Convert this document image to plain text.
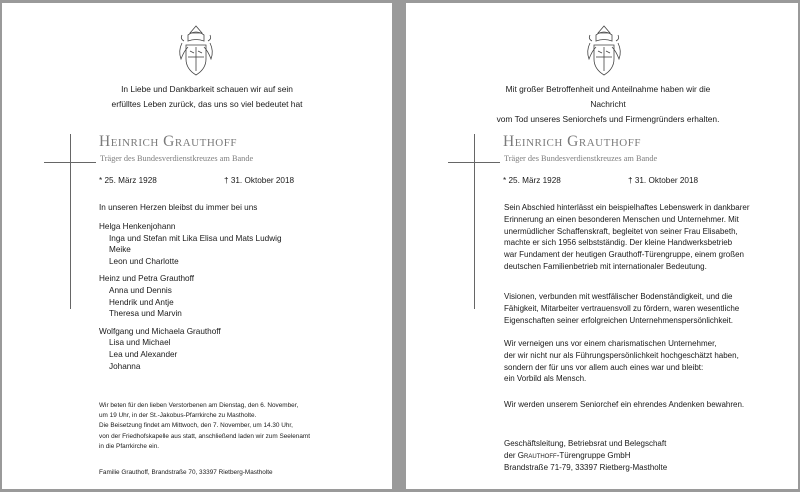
In Liebe und Dankbarkeit schauen wir auf sein
erfülltes Leben zurück, das uns so viel bedeutet hat
Heinrich Grauthoff
Träger des Bundesverdienstkreuzes am Bande
* 25. März 1928	† 31. Oktober 2018
In unseren Herzen bleibst du immer bei uns
Helga Henkenjohann
Inga und Stefan mit Lika Elisa und Mats Ludwig
Meike
Leon und Charlotte
Heinz und Petra Grauthoff
Anna und Dennis
Hendrik und Antje
Theresa und Marvin
Wolfgang und Michaela Grauthoff
Lisa und Michael
Lea und Alexander
Johanna
Wir beten für den lieben Verstorbenen am Dienstag, den 6. November,
um 19 Uhr, in der St.-Jakobus-Pfarrkirche zu Mastholte.
Die Beisetzung findet am Mittwoch, den 7. November, um 14.30 Uhr,
von der Friedhofskapelle aus statt, anschließend laden wir zum Seelenamt
in die Pfarrkirche ein.
Familie Grauthoff, Brandstraße 70, 33397 Rietberg-Mastholte
Mit großer Betroffenheit und Anteilnahme haben wir die Nachricht
vom Tod unseres Seniorchefs und Firmengründers erhalten.
Heinrich Grauthoff
Träger des Bundesverdienstkreuzes am Bande
* 25. März 1928	† 31. Oktober 2018
Sein Abschied hinterlässt ein beispielhaftes Lebenswerk in dankbarer
Erinnerung an einen besonderen Menschen und Unternehmer. Mit
unermüdlicher Schaffenskraft, begleitet von seiner Frau Elisabeth,
machte er sich 1956 selbstständig. Der kleine Handwerksbetrieb
war Fundament der heutigen Grauthoff-Türengruppe, einem großen
deutschen Familienbetrieb mit internationaler Bedeutung.
Visionen, verbunden mit westfälischer Bodenständigkeit, und die
Fähigkeit, Mitarbeiter vertrauensvoll zu fördern, waren wesentliche
Eigenschaften seiner erfolgreichen Unternehmenspersönlichkeit.
Wir verneigen uns vor einem charismatischen Unternehmer,
der wir nicht nur als Führungspersönlichkeit hochgeschätzt haben,
sondern der für uns vor allem auch eines war und bleibt:
ein Vorbild als Mensch.
Wir werden unserem Seniorchef ein ehrendes Andenken bewahren.
Geschäftsleitung, Betriebsrat und Belegschaft
der Grauthoff-Türengruppe GmbH
Brandstraße 71-79, 33397 Rietberg-Mastholte
